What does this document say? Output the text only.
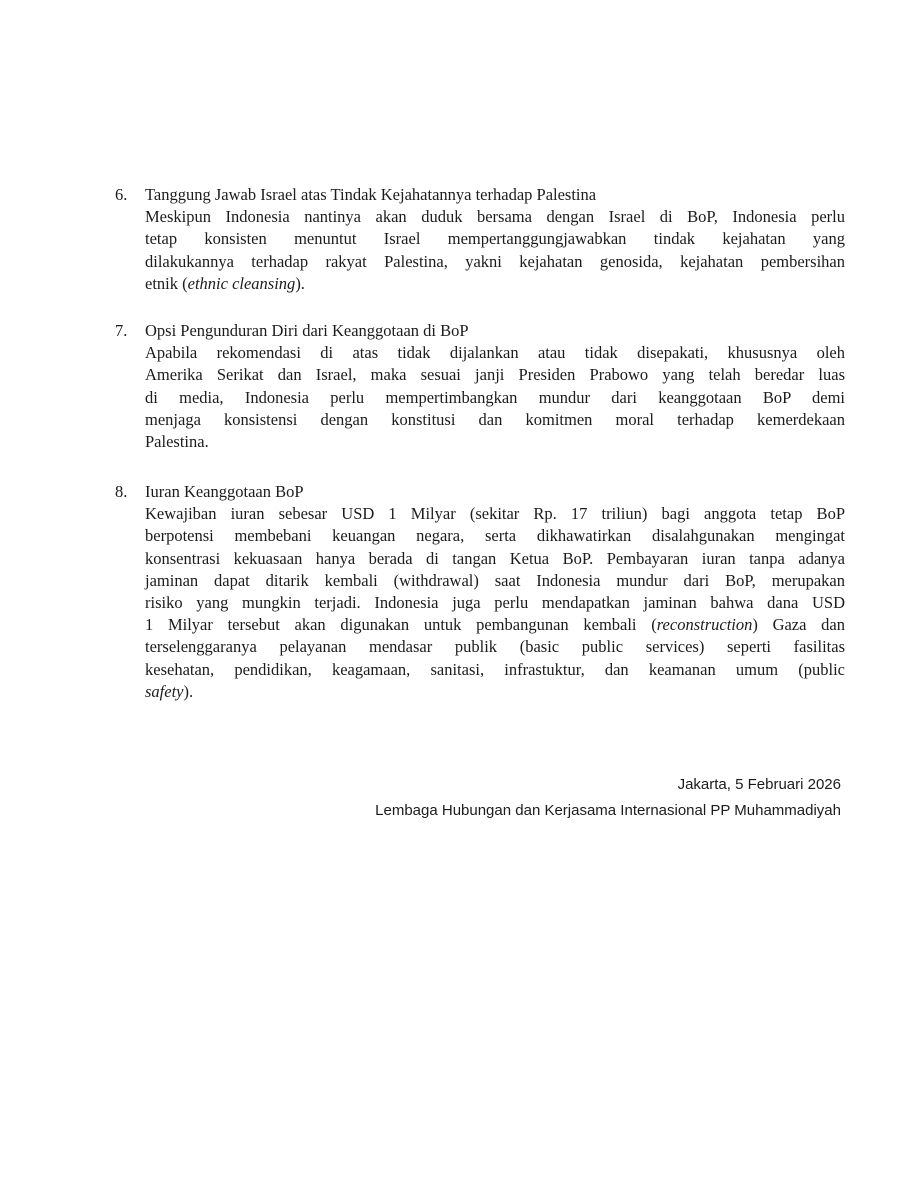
6.	Tanggung Jawab Israel atas Tindak Kejahatannya terhadap Palestina
Meskipun Indonesia nantinya akan duduk bersama dengan Israel di BoP, Indonesia perlu
tetap konsisten menuntut Israel mempertanggungjawabkan tindak kejahatan yang
dilakukannya terhadap rakyat Palestina, yakni kejahatan genosida, kejahatan pembersihan
etnik (ethnic cleansing).
7.	Opsi Pengunduran Diri dari Keanggotaan di BoP
Apabila rekomendasi di atas tidak dijalankan atau tidak disepakati, khususnya oleh
Amerika Serikat dan Israel, maka sesuai janji Presiden Prabowo yang telah beredar luas
di media, Indonesia perlu mempertimbangkan mundur dari keanggotaan BoP demi
menjaga konsistensi dengan konstitusi dan komitmen moral terhadap kemerdekaan
Palestina.
8.	Iuran Keanggotaan BoP
Kewajiban iuran sebesar USD 1 Milyar (sekitar Rp. 17 triliun) bagi anggota tetap BoP
berpotensi membebani keuangan negara, serta dikhawatirkan disalahgunakan mengingat
konsentrasi kekuasaan hanya berada di tangan Ketua BoP. Pembayaran iuran tanpa adanya
jaminan dapat ditarik kembali (withdrawal) saat Indonesia mundur dari BoP, merupakan
risiko yang mungkin terjadi. Indonesia juga perlu mendapatkan jaminan bahwa dana USD
1 Milyar tersebut akan digunakan untuk pembangunan kembali (reconstruction) Gaza dan
terselenggaranya pelayanan mendasar publik (basic public services) seperti fasilitas
kesehatan, pendidikan, keagamaan, sanitasi, infrastuktur, dan keamanan umum (public
safety).
Jakarta, 5 Februari 2026
Lembaga Hubungan dan Kerjasama Internasional PP Muhammadiyah
